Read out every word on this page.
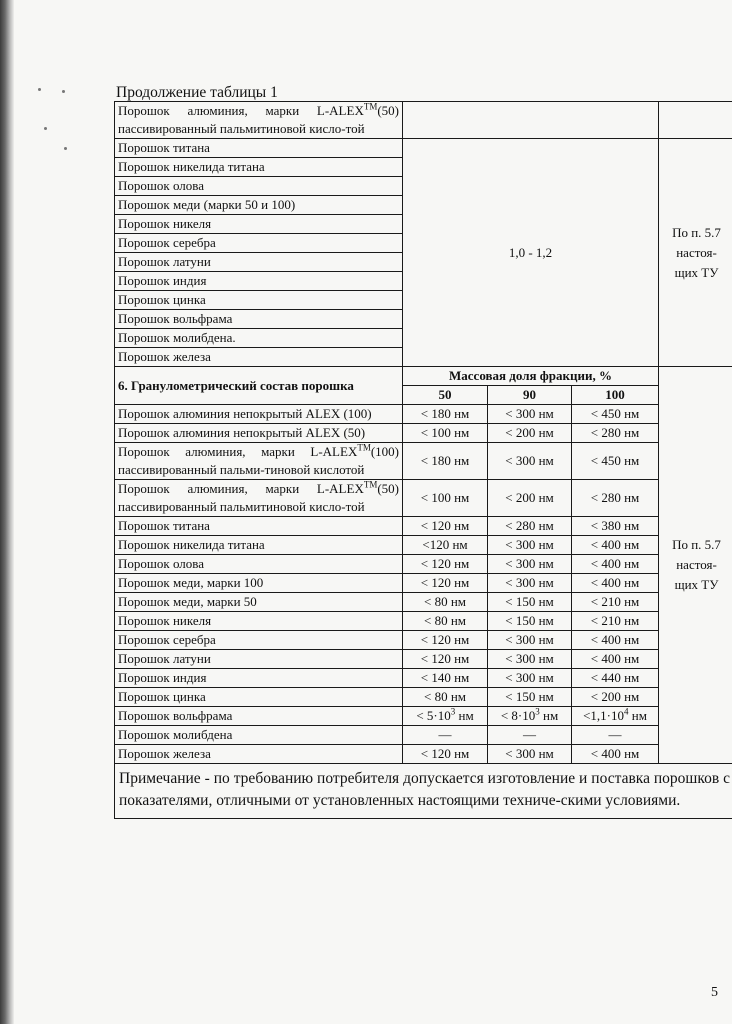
Продолжение таблицы 1
Порошок алюминия, марки L-ALEX™(50) пассивированный пальмитиновой кисло-той				
Порошок титана	1,0 - 1,2			По п. 5.7
настоя-
щих ТУ
Порошок никелида титана				
Порошок олова				
Порошок меди (марки 50 и 100)				
Порошок никеля				
Порошок серебра				
Порошок латуни				
Порошок индия				
Порошок цинка				
Порошок вольфрама				
Порошок молибдена.				
Порошок железа				
6. Гранулометрический состав порошка	Массовая доля фракции, %			По п. 5.7
настоя-
щих ТУ
	50	90	100	
Порошок алюминия непокрытый ALEX (100)	< 180 нм	< 300 нм	< 450 нм	
Порошок алюминия непокрытый ALEX (50)	< 100 нм	< 200 нм	< 280 нм	
Порошок алюминия, марки L-ALEX™(100) пассивированный пальми-тиновой кислотой	< 180 нм	< 300 нм	< 450 нм	
Порошок алюминия, марки L-ALEX™(50) пассивированный пальмитиновой кисло-той	< 100 нм	< 200 нм	< 280 нм	
Порошок титана	< 120 нм	< 280 нм	< 380 нм	
Порошок никелида титана	<120 нм	< 300 нм	< 400 нм	
Порошок олова	< 120 нм	< 300 нм	< 400 нм	
Порошок меди, марки 100	< 120 нм	< 300 нм	< 400 нм	
Порошок меди, марки 50	< 80 нм	< 150 нм	< 210 нм	
Порошок никеля	< 80 нм	< 150 нм	< 210 нм	
Порошок серебра	< 120 нм	< 300 нм	< 400 нм	
Порошок латуни	< 120 нм	< 300 нм	< 400 нм	
Порошок индия	< 140 нм	< 300 нм	< 440 нм	
Порошок цинка	< 80 нм	< 150 нм	< 200 нм	
Порошок вольфрама	< $5\cdot 10^3$ нм	< $8\cdot 10^3$ нм	$<1,1\cdot 10^4$ нм	
Порошок молибдена	—	—	—	
Порошок железа	< 120 нм	< 300 нм	< 400 нм	
Примечание - по требованию потребителя допускается изготовление и поставка порошков с показателями, отличными от установленных настоящими техниче-скими условиями.				
5
